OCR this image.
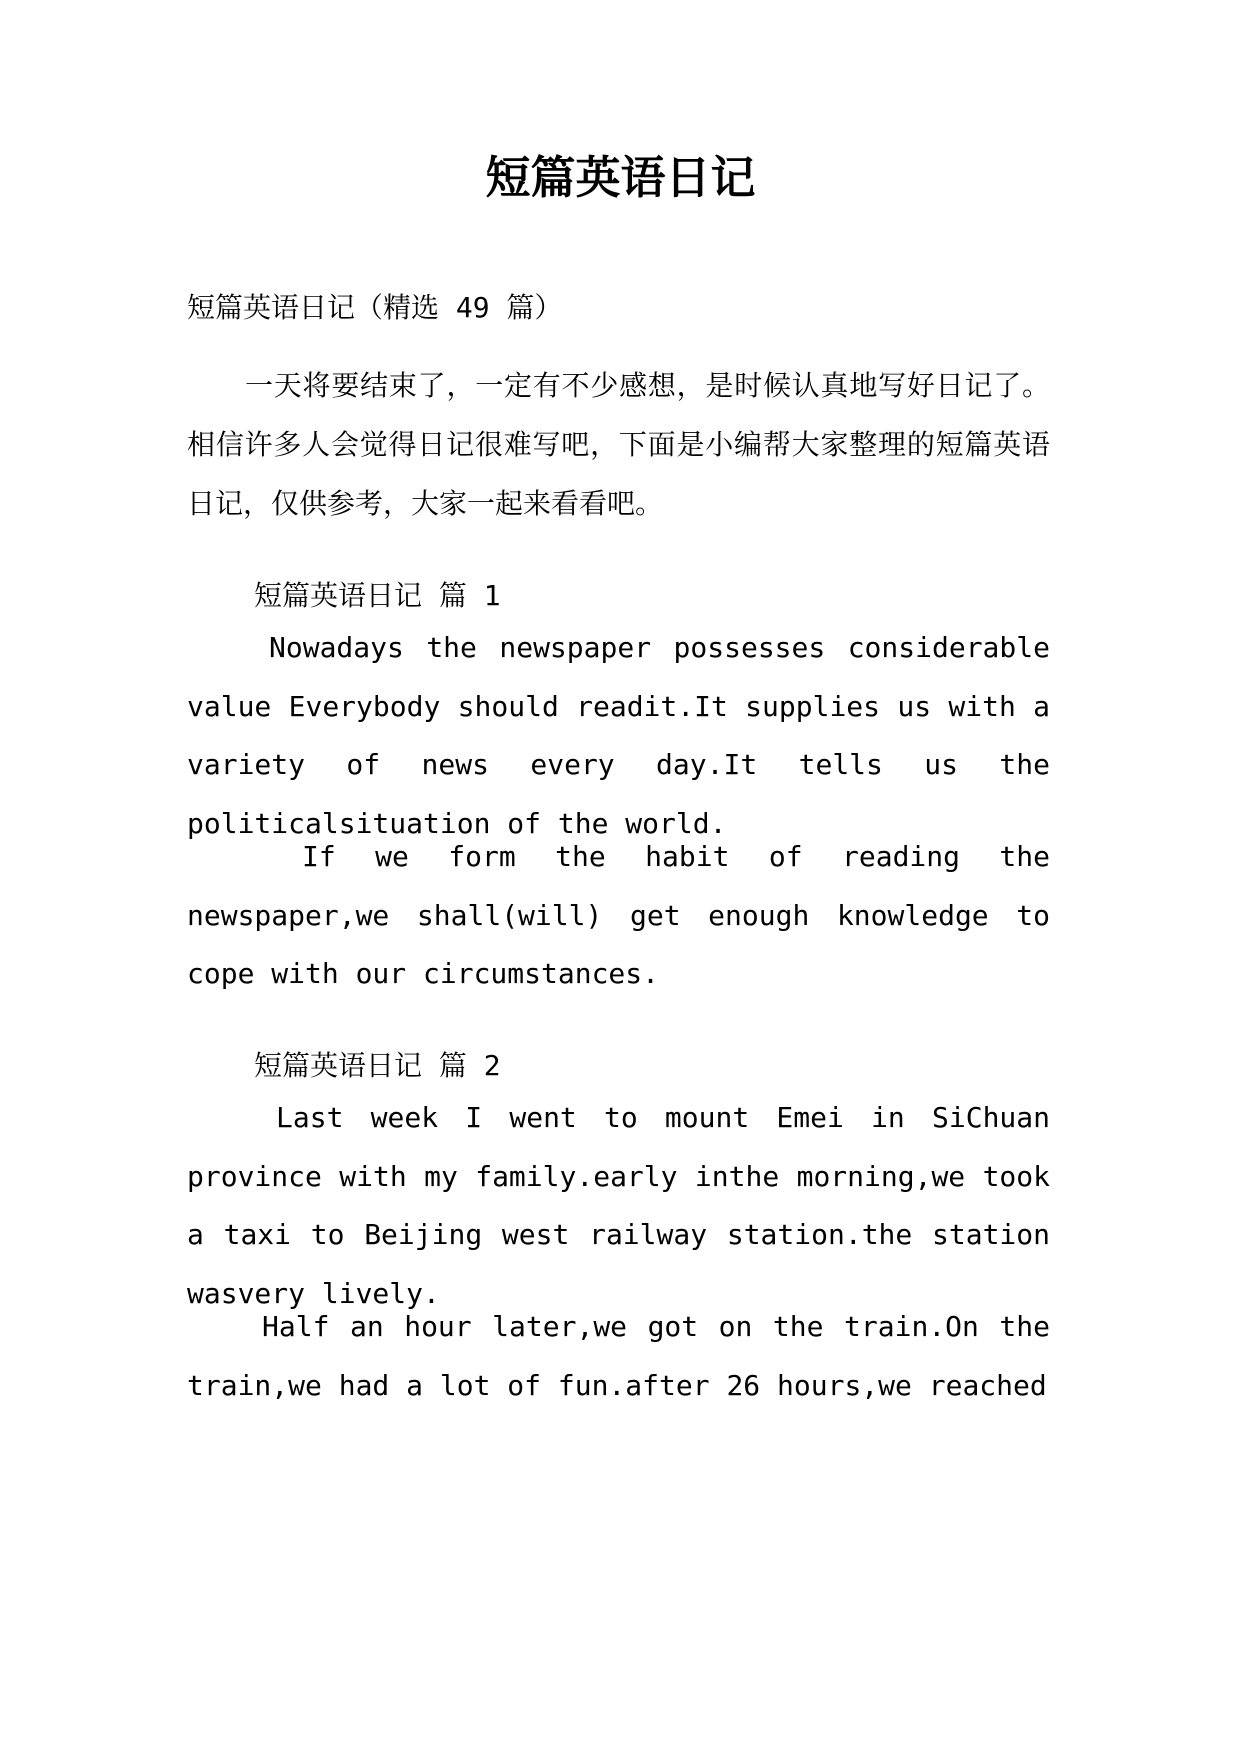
短篇英语日记
短篇英语日记（精选 49 篇）

一天将要结束了，一定有不少感想，是时候认真地写好日记了。相信许多人会觉得日记很难写吧，下面是小编帮大家整理的短篇英语日记，仅供参考，大家一起来看看吧。

短篇英语日记 篇 1

Nowadays the newspaper possesses considerable value Everybody should readit.It supplies us with a variety of news every day.It tells us the politicalsituation of the world.

If we form the habit of reading the newspaper,we shall(will) get enough knowledge to cope with our circumstances.

短篇英语日记 篇 2

Last week I went to mount Emei in SiChuan province with my family.early inthe morning,we took a taxi to Beijing west railway station.the station wasvery lively.

Half an hour later,we got on the train.On the train,we had a lot of fun.after 26 hours,we reached
